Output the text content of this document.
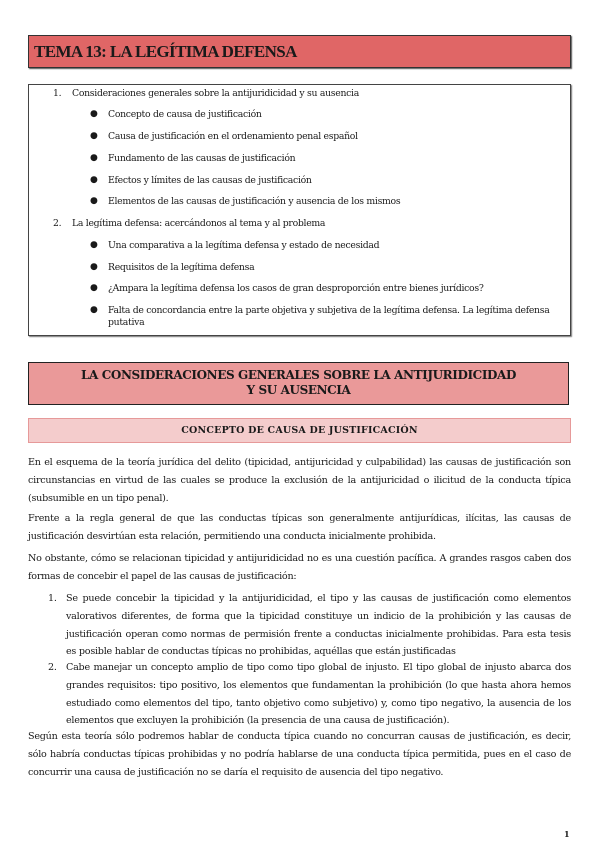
TEMA 13: LA LEGÍTIMA DEFENSA
1. Consideraciones generales sobre la antijuridicidad y su ausencia
● Concepto de causa de justificación
● Causa de justificación en el ordenamiento penal español
● Fundamento de las causas de justificación
● Efectos y límites de las causas de justificación
● Elementos de las causas de justificación y ausencia de los mismos
2. La legítima defensa: acercándonos al tema y al problema
● Una comparativa a la legítima defensa y estado de necesidad
● Requisitos de la legítima defensa
● ¿Ampara la legítima defensa los casos de gran desproporción entre bienes jurídicos?
● Falta de concordancia entre la parte objetiva y subjetiva de la legítima defensa. La legítima defensa putativa
LA CONSIDERACIONES GENERALES SOBRE LA ANTIJURIDICIDAD Y SU AUSENCIA
CONCEPTO DE CAUSA DE JUSTIFICACIÓN
En el esquema de la teoría jurídica del delito (tipicidad, antijuricidad y culpabilidad) las causas de justificación son circunstancias en virtud de las cuales se produce la exclusión de la antijuricidad o ilicitud de la conducta típica (subsumible en un tipo penal).
Frente a la regla general de que las conductas típicas son generalmente antijurídicas, ilícitas, las causas de justificación desvirtúan esta relación, permitiendo una conducta inicialmente prohibida.
No obstante, cómo se relacionan tipicidad y antijuridicidad no es una cuestión pacífica. A grandes rasgos caben dos formas de concebir el papel de las causas de justificación:
1. Se puede concebir la tipicidad y la antijuridicidad, el tipo y las causas de justificación como elementos valorativos diferentes, de forma que la tipicidad constituye un indicio de la prohibición y las causas de justificación operan como normas de permisión frente a conductas inicialmente prohibidas. Para esta tesis es posible hablar de conductas típicas no prohibidas, aquéllas que están justificadas
2. Cabe manejar un concepto amplio de tipo como tipo global de injusto. El tipo global de injusto abarca dos grandes requisitos: tipo positivo, los elementos que fundamentan la prohibición (lo que hasta ahora hemos estudiado como elementos del tipo, tanto objetivo como subjetivo) y, como tipo negativo, la ausencia de los elementos que excluyen la prohibición (la presencia de una causa de justificación).
Según esta teoría sólo podremos hablar de conducta típica cuando no concurran causas de justificación, es decir, sólo habría conductas típicas prohibidas y no podría hablarse de una conducta típica permitida, pues en el caso de concurrir una causa de justificación no se daría el requisito de ausencia del tipo negativo.
1
